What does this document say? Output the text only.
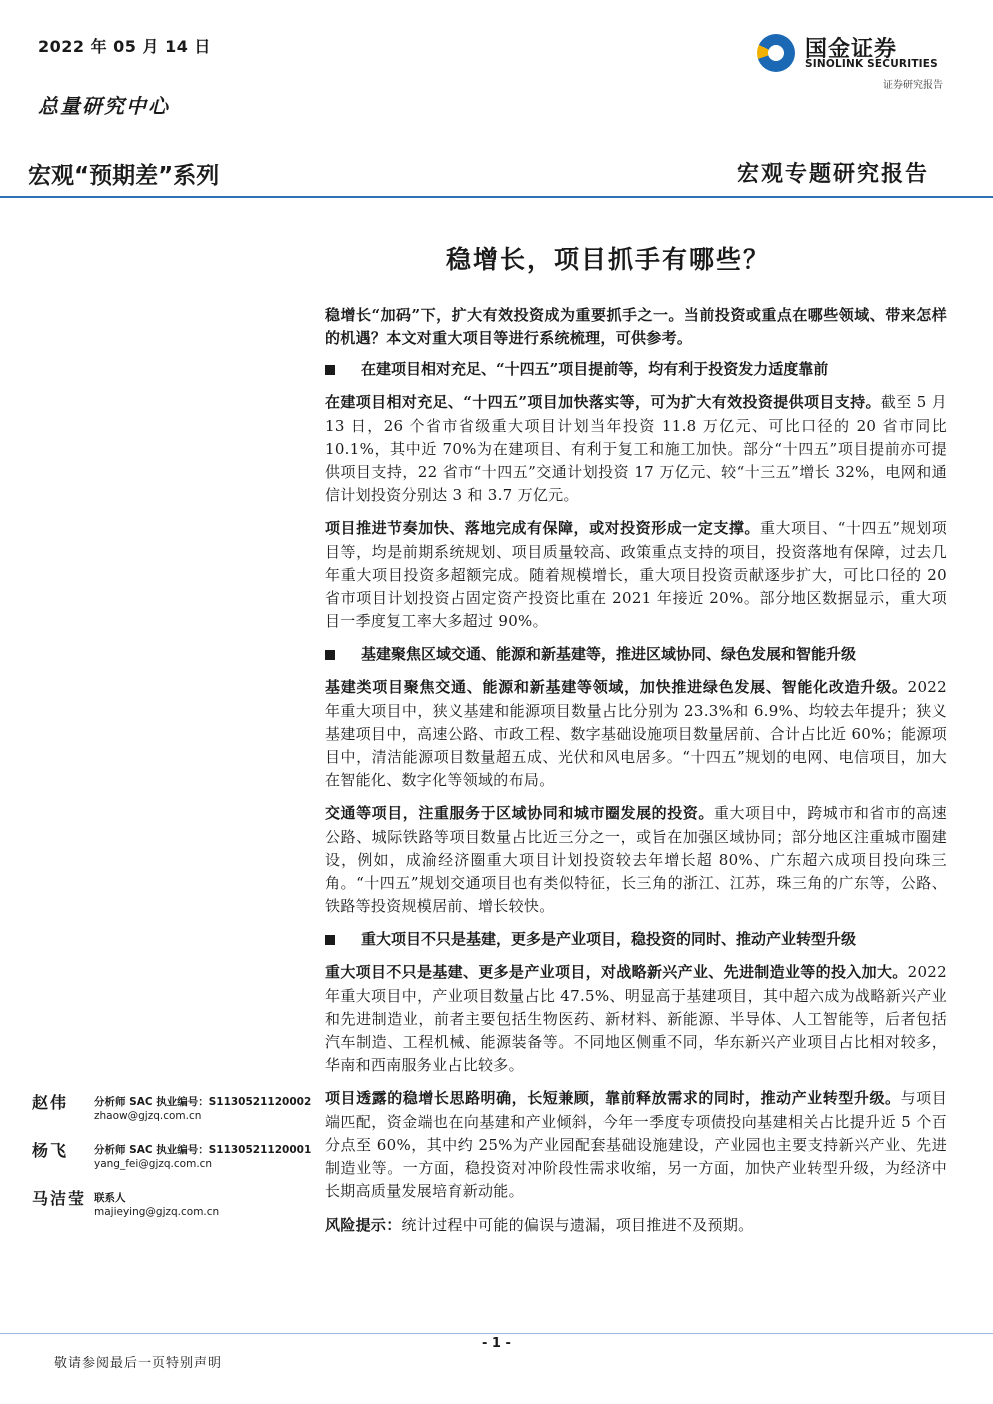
2022 年 05 月 14 日
总量研究中心
国金证券
SINOLINK SECURITIES
证券研究报告
宏观“预期差”系列	宏观专题研究报告
稳增长，项目抓手有哪些？

稳增长“加码”下，扩大有效投资成为重要抓手之一。当前投资或重点在哪些领域、带来怎样的机遇？本文对重大项目等进行系统梳理，可供参考。

在建项目相对充足、“十四五”项目提前等，均有利于投资发力适度靠前

在建项目相对充足、“十四五”项目加快落实等，可为扩大有效投资提供项目支持。截至 5 月 13 日，26 个省市省级重大项目计划当年投资 11.8 万亿元、可比口径的 20 省市同比 10.1%，其中近 70%为在建项目、有利于复工和施工加快。部分“十四五”项目提前亦可提供项目支持，22 省市“十四五”交通计划投资 17 万亿元、较“十三五”增长 32%，电网和通信计划投资分别达 3 和 3.7 万亿元。

项目推进节奏加快、落地完成有保障，或对投资形成一定支撑。重大项目、“十四五”规划项目等，均是前期系统规划、项目质量较高、政策重点支持的项目，投资落地有保障，过去几年重大项目投资多超额完成。随着规模增长，重大项目投资贡献逐步扩大，可比口径的 20 省市项目计划投资占固定资产投资比重在 2021 年接近 20%。部分地区数据显示，重大项目一季度复工率大多超过 90%。

基建聚焦区域交通、能源和新基建等，推进区域协同、绿色发展和智能升级

基建类项目聚焦交通、能源和新基建等领域，加快推进绿色发展、智能化改造升级。2022 年重大项目中，狭义基建和能源项目数量占比分别为 23.3%和 6.9%、均较去年提升；狭义基建项目中，高速公路、市政工程、数字基础设施项目数量居前、合计占比近 60%；能源项目中，清洁能源项目数量超五成、光伏和风电居多。“十四五”规划的电网、电信项目，加大在智能化、数字化等领域的布局。

交通等项目，注重服务于区域协同和城市圈发展的投资。重大项目中，跨城市和省市的高速公路、城际铁路等项目数量占比近三分之一，或旨在加强区域协同；部分地区注重城市圈建设，例如，成渝经济圈重大项目计划投资较去年增长超 80%、广东超六成项目投向珠三角。“十四五”规划交通项目也有类似特征，长三角的浙江、江苏，珠三角的广东等，公路、铁路等投资规模居前、增长较快。

重大项目不只是基建，更多是产业项目，稳投资的同时、推动产业转型升级

重大项目不只是基建、更多是产业项目，对战略新兴产业、先进制造业等的投入加大。2022 年重大项目中，产业项目数量占比 47.5%、明显高于基建项目，其中超六成为战略新兴产业和先进制造业，前者主要包括生物医药、新材料、新能源、半导体、人工智能等，后者包括汽车制造、工程机械、能源装备等。不同地区侧重不同，华东新兴产业项目占比相对较多，华南和西南服务业占比较多。

项目透露的稳增长思路明确，长短兼顾，靠前释放需求的同时，推动产业转型升级。与项目端匹配，资金端也在向基建和产业倾斜，今年一季度专项债投向基建相关占比提升近 5 个百分点至 60%，其中约 25%为产业园配套基础设施建设，产业园也主要支持新兴产业、先进制造业等。一方面，稳投资对冲阶段性需求收缩，另一方面，加快产业转型升级，为经济中长期高质量发展培育新动能。

风险提示：统计过程中可能的偏误与遗漏，项目推进不及预期。

赵伟 分析师 SAC 执业编号：S1130521120002
zhaow@gjzq.com.cn
杨飞 分析师 SAC 执业编号：S1130521120001
yang_fei@gjzq.com.cn
马洁莹 联系人
majieying@gjzq.com.cn
- 1 -
敬请参阅最后一页特别声明
